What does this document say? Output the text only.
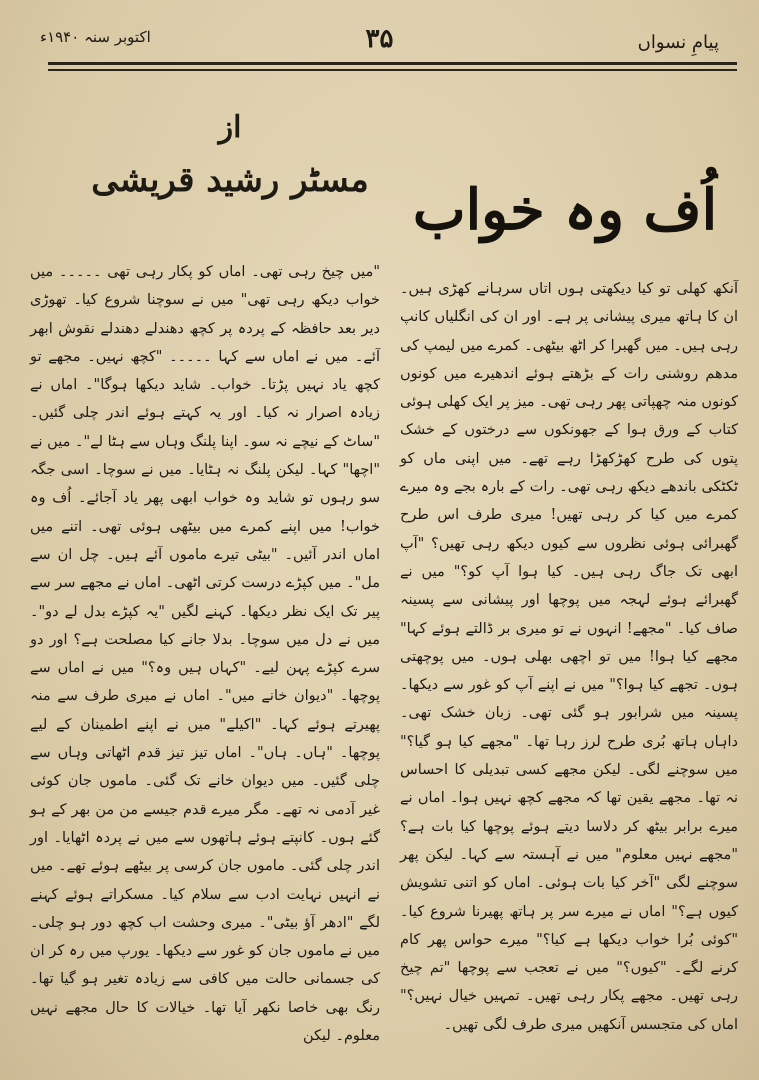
پیامِ نسواں
۳۵
اکتوبر سنہ ۱۹۴۰ء
اُف وہ خواب
از
مسٹر رشید قریشی

آنکھ کھلی تو کیا دیکھتی ہوں اتاں سرہانے کھڑی ہیں۔ ان کا ہاتھ میری پیشانی پر ہے۔ اور ان کی انگلیاں کانپ رہی ہیں۔ میں گھبرا کر اٹھ بیٹھی۔ کمرے میں لیمپ کی مدھم روشنی رات کے بڑھتے ہوئے اندھیرے میں کونوں کونوں منہ چھپاتی پھر رہی تھی۔ میز پر ایک کھلی ہوئی کتاب کے ورق ہوا کے جھونکوں سے درختوں کے خشک پتوں کی طرح کھڑکھڑا رہے تھے۔ میں اپنی ماں کو ٹکٹکی باندھے دیکھ رہی تھی۔ رات کے بارہ بجے وہ میرے کمرے میں کیا کر رہی تھیں! میری طرف اس طرح گھبرائی ہوئی نظروں سے کیوں دیکھ رہی تھیں؟ "آپ ابھی تک جاگ رہی ہیں۔ کیا ہوا آپ کو؟" میں نے گھبرائے ہوئے لہجہ میں پوچھا اور پیشانی سے پسینہ صاف کیا۔ "مجھے! انہوں نے تو میری بر ڈالتے ہوئے کہا" مجھے کیا ہوا! میں تو اچھی بھلی ہوں۔ میں پوچھتی ہوں۔ تجھے کیا ہوا؟" میں نے اپنے آپ کو غور سے دیکھا۔ پسینہ میں شرابور ہو گئی تھی۔ زبان خشک تھی۔ داہاں ہاتھ بُری طرح لرز رہا تھا۔ "مجھے کیا ہو گیا؟" میں سوچنے لگی۔ لیکن مجھے کسی تبدیلی کا احساس نہ تھا۔ مجھے یقین تھا کہ مجھے کچھ نہیں ہوا۔ اماں نے میرے برابر بیٹھ کر دلاسا دیتے ہوئے پوچھا کیا بات ہے؟ "مجھے نہیں معلوم" میں نے آہستہ سے کہا۔ لیکن پھر سوچنے لگی "آخر کیا بات ہوئی۔ اماں کو اتنی تشویش کیوں ہے؟" اماں نے میرے سر پر ہاتھ پھیرنا شروع کیا۔ "کوئی بُرا خواب دیکھا ہے کیا؟" میرے حواس پھر کام کرنے لگے۔ "کیوں؟" میں نے تعجب سے پوچھا "تم چیخ رہی تھیں۔ مجھے پکار رہی تھیں۔ تمہیں خیال نہیں؟" اماں کی متجسس آنکھیں میری طرف لگی تھیں۔

"میں چیخ رہی تھی۔ اماں کو پکار رہی تھی ۔۔۔۔۔ میں خواب دیکھ رہی تھی" میں نے سوچنا شروع کیا۔ تھوڑی دیر بعد حافظہ کے پردہ پر کچھ دھندلے دھندلے نقوش ابھر آئے۔ میں نے اماں سے کہا ۔۔۔۔۔ "کچھ نہیں۔ مجھے تو کچھ یاد نہیں پڑتا۔ خواب۔ شاید دیکھا ہوگا"۔ اماں نے زیادہ اصرار نہ کیا۔ اور یہ کہتے ہوئے اندر چلی گئیں۔ "ساٹ کے نیچے نہ سو۔ اپنا پلنگ وہاں سے ہٹا لے"۔ میں نے "اچھا" کہا۔ لیکن پلنگ نہ ہٹایا۔ میں نے سوچا۔ اسی جگہ سو رہوں تو شاید وہ خواب ابھی پھر یاد آجائے۔ اُف وہ خواب! میں اپنے کمرے میں بیٹھی ہوئی تھی۔ اتنے میں اماں اندر آئیں۔ "بیٹی تیرے ماموں آئے ہیں۔ چل ان سے مل"۔ میں کپڑے درست کرتی اٹھی۔ اماں نے مجھے سر سے پیر تک ایک نظر دیکھا۔ کہنے لگیں "یہ کپڑے بدل لے دو"۔ میں نے دل میں سوچا۔ بدلا جانے کیا مصلحت ہے؟ اور دو سرے کپڑے پہن لیے۔ "کہاں ہیں وہ؟" میں نے اماں سے پوچھا۔ "دیوان خانے میں"۔ اماں نے میری طرف سے منہ پھیرتے ہوئے کہا۔ "اکیلے" میں نے اپنے اطمینان کے لیے پوچھا۔ "ہاں۔ ہاں"۔ اماں تیز تیز قدم اٹھاتی وہاں سے چلی گئیں۔ میں دیوان خانے تک گئی۔ ماموں جان کوئی غیر آدمی نہ تھے۔ مگر میرے قدم جیسے من من بھر کے ہو گئے ہوں۔ کانپتے ہوئے ہاتھوں سے میں نے پردہ اٹھایا۔ اور اندر چلی گئی۔ ماموں جان کرسی پر بیٹھے ہوئے تھے۔ میں نے انہیں نہایت ادب سے سلام کیا۔ مسکراتے ہوئے کہنے لگے "ادھر آؤ بیٹی"۔ میری وحشت اب کچھ دور ہو چلی۔ میں نے ماموں جان کو غور سے دیکھا۔ یورپ میں رہ کر ان کی جسمانی حالت میں کافی سے زیادہ تغیر ہو گیا تھا۔ رنگ بھی خاصا نکھر آیا تھا۔ خیالات کا حال مجھے نہیں معلوم۔ لیکن
